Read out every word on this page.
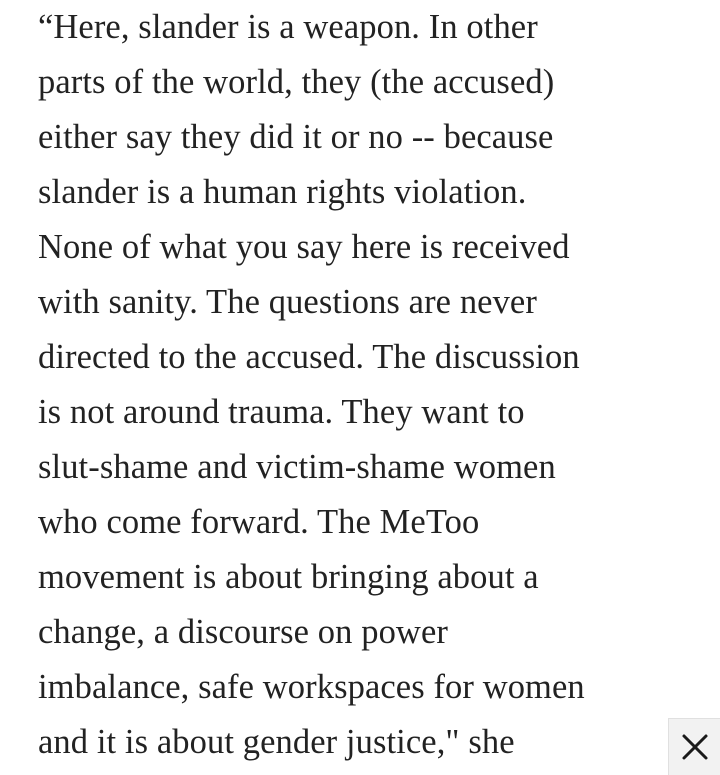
“Here, slander is a weapon. In other
parts of the world, they (the accused)
either say they did it or no -- because
slander is a human rights violation.
None of what you say here is received
with sanity. The questions are never
directed to the accused. The discussion
is not around trauma. They want to
slut-shame and victim-shame women
who come forward. The MeToo
movement is about bringing about a
change, a discourse on power
imbalance, safe workspaces for women
and it is about gender justice," she
